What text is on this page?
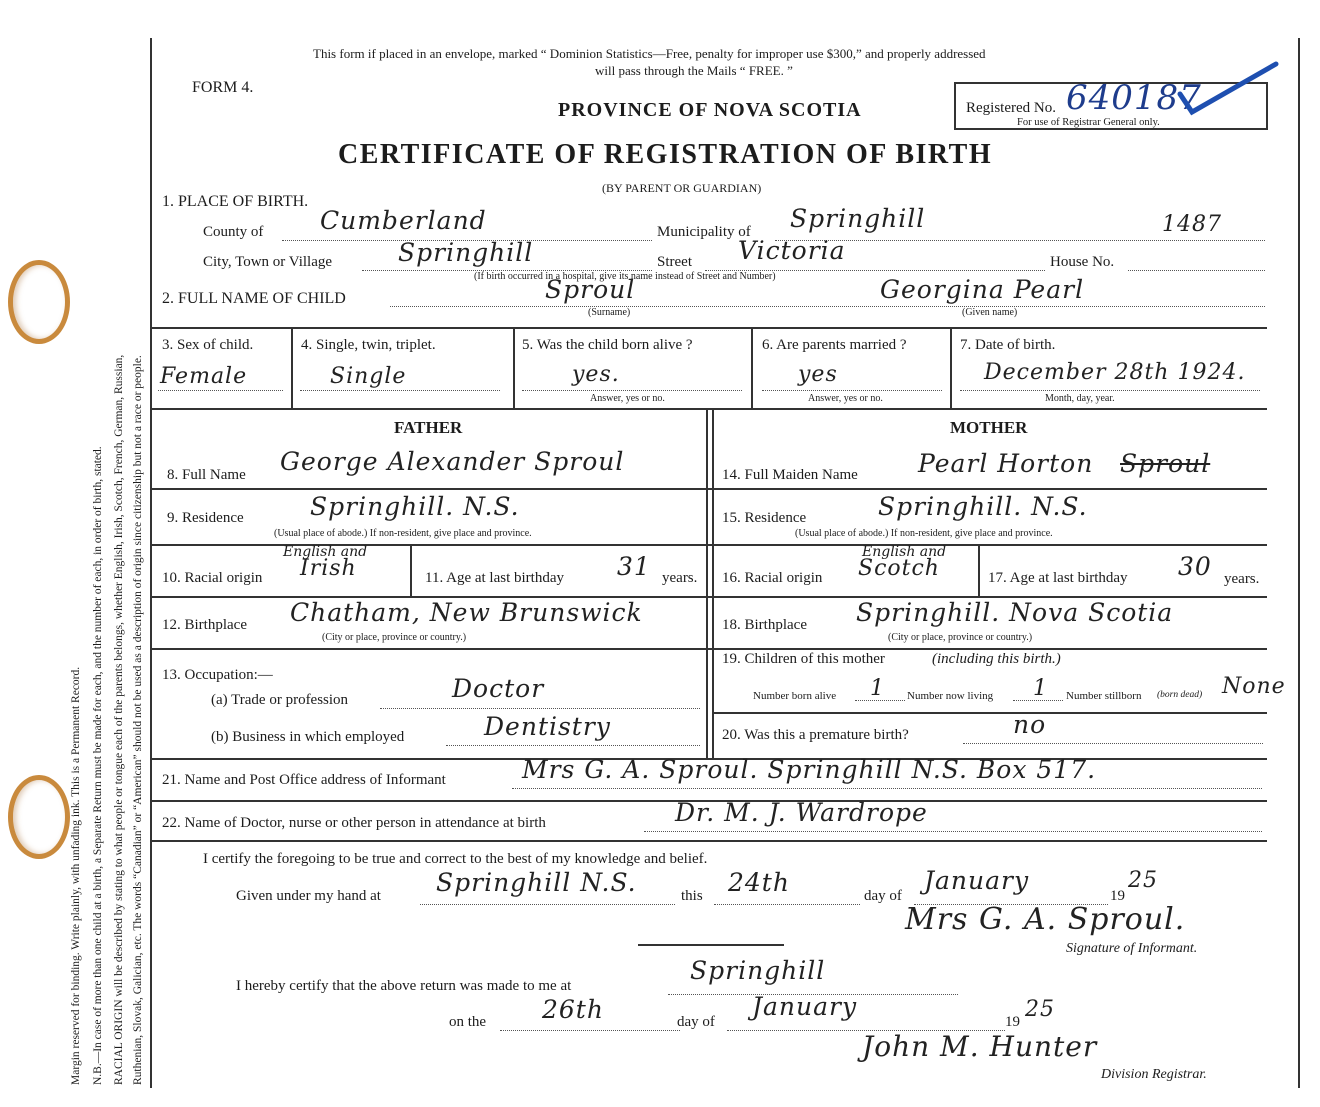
Margin reserved for binding. Write plainly, with unfading ink. This is a Permanent Record. N.B.—In case of more than one child at a birth, a Separate Return must be made for each, and the number of each, in order of birth, stated. RACIAL ORIGIN will be described by stating to what people or tongue each of the parents belongs, whether English, Irish, Scotch, French, German, Russian, Ruthenian, Slovak, Galician, etc. The words “Canadian” or “American” should not be used as a description of origin since citizenship but not a race or people.
This form if placed in an envelope, marked “ Dominion Statistics—Free, penalty for improper use $300,” and properly addressed
will pass through the Mails “ FREE. ”
FORM 4.
PROVINCE OF NOVA SCOTIA
CERTIFICATE OF REGISTRATION OF BIRTH
(BY PARENT OR GUARDIAN)
Registered No. 640187
For use of Registrar General only.
1. PLACE OF BIRTH.
County of Cumberland	Municipality of Springhill	1487
City, Town or Village	Springhill	Street Victoria	House No.
(If birth occurred in a hospital, give its name instead of Street and Number)
2. FULL NAME OF CHILD	Sproul
(Surname)
Georgina Pearl
(Given name)
3. Sex of child.
Female
4. Single, twin, triplet.
Single
5. Was the child born alive ?
yes.
Answer, yes or no.
6. Are parents married ?
yes
Answer, yes or no.
7. Date of birth.
December 28th 1924.
Month, day, year.
FATHER	MOTHER
8. Full Name George Alexander Sproul
9. Residence	Springhill. N.S.
(Usual place of abode.) If non-resident, give place and province.
10. Racial origin
English and
Irish	11. Age at last birthday 31 years.
12. Birthplace Chatham, New Brunswick
(City or place, province or country.)
13. Occupation:—
(a) Trade or profession	Doctor
(b) Business in which employed	Dentistry
14. Full Maiden Name Pearl Horton Sproul
15. Residence	Springhill. N.S.
(Usual place of abode.) If non-resident, give place and province.
16. Racial origin
English and
Scotch	17. Age at last birthday 30 years.
18. Birthplace Springhill. Nova Scotia
(City or place, province or country.)
19. Children of this mother	(including this birth.)
Number born alive 1 Number now living 1 Number stillborn (born dead) None
20. Was this a premature birth?	no
21. Name and Post Office address of Informant	Mrs G. A. Sproul. Springhill N.S. Box 517.
22. Name of Doctor, nurse or other person in attendance at birth	Dr. M. J. Wardrope
I certify the foregoing to be true and correct to the best of my knowledge and belief.
Given under my hand at Springhill N.S.	this 24th	day of
January
19
25
Mrs G. A. Sproul.
Signature of Informant.
I hereby certify that the above return was made to me at
Springhill
on the 26th	day of
January
19 25
John M. Hunter
Division Registrar.
